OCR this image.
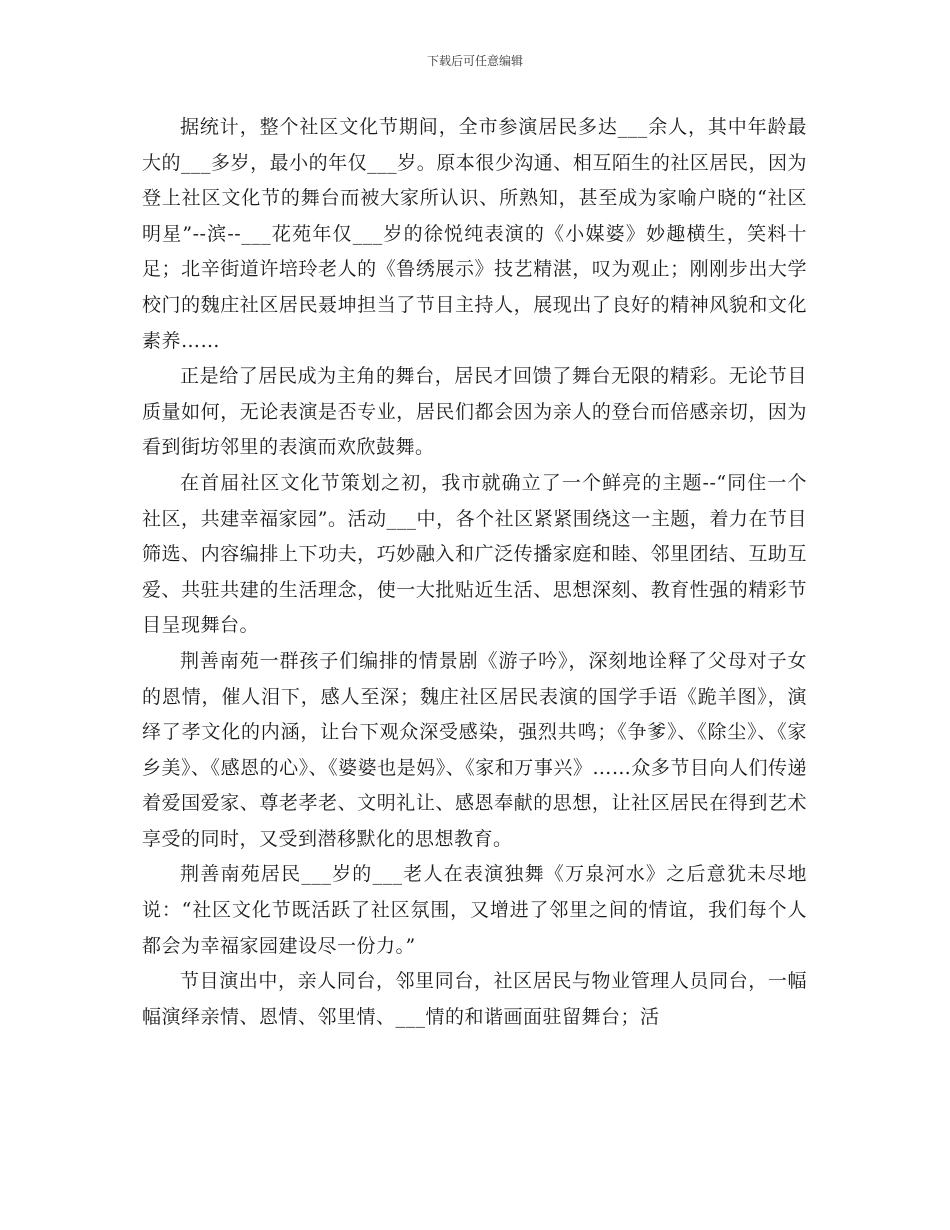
下载后可任意编辑

据统计，整个社区文化节期间，全市参演居民多达___余人，其中年龄最大的___多岁，最小的年仅___岁。原本很少沟通、相互陌生的社区居民，因为登上社区文化节的舞台而被大家所认识、所熟知，甚至成为家喻户晓的“社区明星”--滨--___花苑年仅___岁的徐悦纯表演的《小媒婆》妙趣横生，笑料十足；北辛街道许培玲老人的《鲁绣展示》技艺精湛，叹为观止；刚刚步出大学校门的魏庄社区居民聂坤担当了节目主持人，展现出了良好的精神风貌和文化素养……

正是给了居民成为主角的舞台，居民才回馈了舞台无限的精彩。无论节目质量如何，无论表演是否专业，居民们都会因为亲人的登台而倍感亲切，因为看到街坊邻里的表演而欢欣鼓舞。

在首届社区文化节策划之初，我市就确立了一个鲜亮的主题--“同住一个社区，共建幸福家园”。活动___中，各个社区紧紧围绕这一主题，着力在节目筛选、内容编排上下功夫，巧妙融入和广泛传播家庭和睦、邻里团结、互助互爱、共驻共建的生活理念，使一大批贴近生活、思想深刻、教育性强的精彩节目呈现舞台。

荆善南苑一群孩子们编排的情景剧《游子吟》，深刻地诠释了父母对子女的恩情，催人泪下，感人至深；魏庄社区居民表演的国学手语《跪羊图》，演绎了孝文化的内涵，让台下观众深受感染，强烈共鸣；《争爹》、《除尘》、《家乡美》、《感恩的心》、《婆婆也是妈》、《家和万事兴》……众多节目向人们传递着爱国爱家、尊老孝老、文明礼让、感恩奉献的思想，让社区居民在得到艺术享受的同时，又受到潜移默化的思想教育。

荆善南苑居民___岁的___老人在表演独舞《万泉河水》之后意犹未尽地说：“社区文化节既活跃了社区氛围，又增进了邻里之间的情谊，我们每个人都会为幸福家园建设尽一份力。”

节目演出中，亲人同台，邻里同台，社区居民与物业管理人员同台，一幅幅演绎亲情、恩情、邻里情、___情的和谐画面驻留舞台；活
